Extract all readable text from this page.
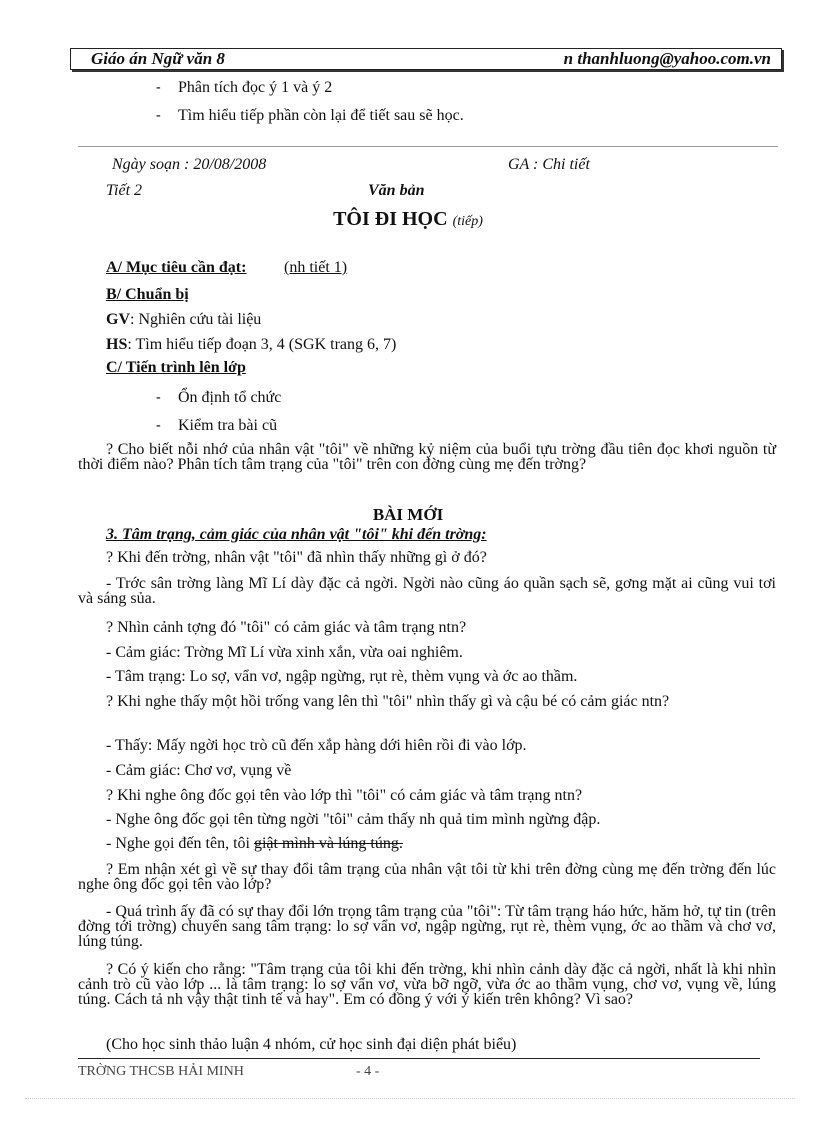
Giáo án Ngữ văn 8	n thanhluong@yahoo.com.vn
- Phân tích đọc ý 1 và ý 2
- Tìm hiểu tiếp phần còn lại để tiết sau sẽ học.
Ngày soạn : 20/08/2008	GA : Chi tiết
Tiết 2	Văn bản
TÔI ĐI HỌC (tiếp)
A/ Mục tiêu cần đạt: (nh tiết 1)
B/ Chuẩn bị
GV: Nghiên cứu tài liệu
HS: Tìm hiểu tiếp đoạn 3, 4 (SGK trang 6, 7)
C/ Tiến trình lên lớp
- Ổn định tổ chức
- Kiểm tra bài cũ
? Cho biết nỗi nhớ của nhân vật "tôi" về những kỷ niệm của buổi tựu trờng đầu tiên đọc khơi nguồn từ thời điểm nào? Phân tích tâm trạng của "tôi" trên con đờng cùng mẹ đến trờng?
BÀI MỚI
3. Tâm trạng, cảm giác của nhân vật "tôi" khi đến trờng:
? Khi đến trờng, nhân vật "tôi" đã nhìn thấy những gì ở đó?
- Trớc sân trờng làng Mĩ Lí dày đặc cả ngời. Ngời nào cũng áo quần sạch sẽ, gơng mặt ai cũng vui tơi và sáng sủa.
? Nhìn cảnh tợng đó "tôi" có cảm giác và tâm trạng ntn?
- Cảm giác: Trờng Mĩ Lí vừa xinh xắn, vừa oai nghiêm.
- Tâm trạng: Lo sợ, vẩn vơ, ngập ngừng, rụt rè, thèm vụng và ớc ao thầm.
? Khi nghe thấy một hồi trống vang lên thì "tôi" nhìn thấy gì và cậu bé có cảm giác ntn?
- Thấy: Mấy ngời học trò cũ đến xắp hàng dới hiên rồi đi vào lớp.
- Cảm giác: Chơ vơ, vụng về
? Khi nghe ông đốc gọi tên vào lớp thì "tôi" có cảm giác và tâm trạng ntn?
- Nghe ông đốc gọi tên từng ngời "tôi" cảm thấy nh quả tim mình ngừng đập.
- Nghe gọi đến tên, tôi giật mình và lúng túng.
? Em nhận xét gì về sự thay đổi tâm trạng của nhân vật tôi từ khi trên đờng cùng mẹ đến trờng đến lúc nghe ông đốc gọi tên vào lớp?
- Quá trình ấy đã có sự thay đổi lớn trọng tâm trạng của "tôi": Từ tâm trạng háo hức, hăm hở, tự tin (trên đờng tới trờng) chuyển sang tâm trạng: lo sợ vẩn vơ, ngập ngừng, rụt rè, thèm vụng, ớc ao thầm và chơ vơ, lúng túng.
? Có ý kiến cho rằng: "Tâm trạng của tôi khi đến trờng, khi nhìn cảnh dày đặc cả ngời, nhất là khi nhìn cảnh trò cũ vào lớp ... là tâm trạng: lo sợ vẩn vơ, vừa bỡ ngỡ, vừa ớc ao thầm vụng, chơ vơ, vụng về, lúng túng. Cách tả nh vậy thật tinh tế và hay". Em có đồng ý với ý kiến trên không? Vì sao?
(Cho học sinh thảo luận 4 nhóm, cử học sinh đại diện phát biểu)
TRỜNG THCSB HẢI MINH	- 4 -
